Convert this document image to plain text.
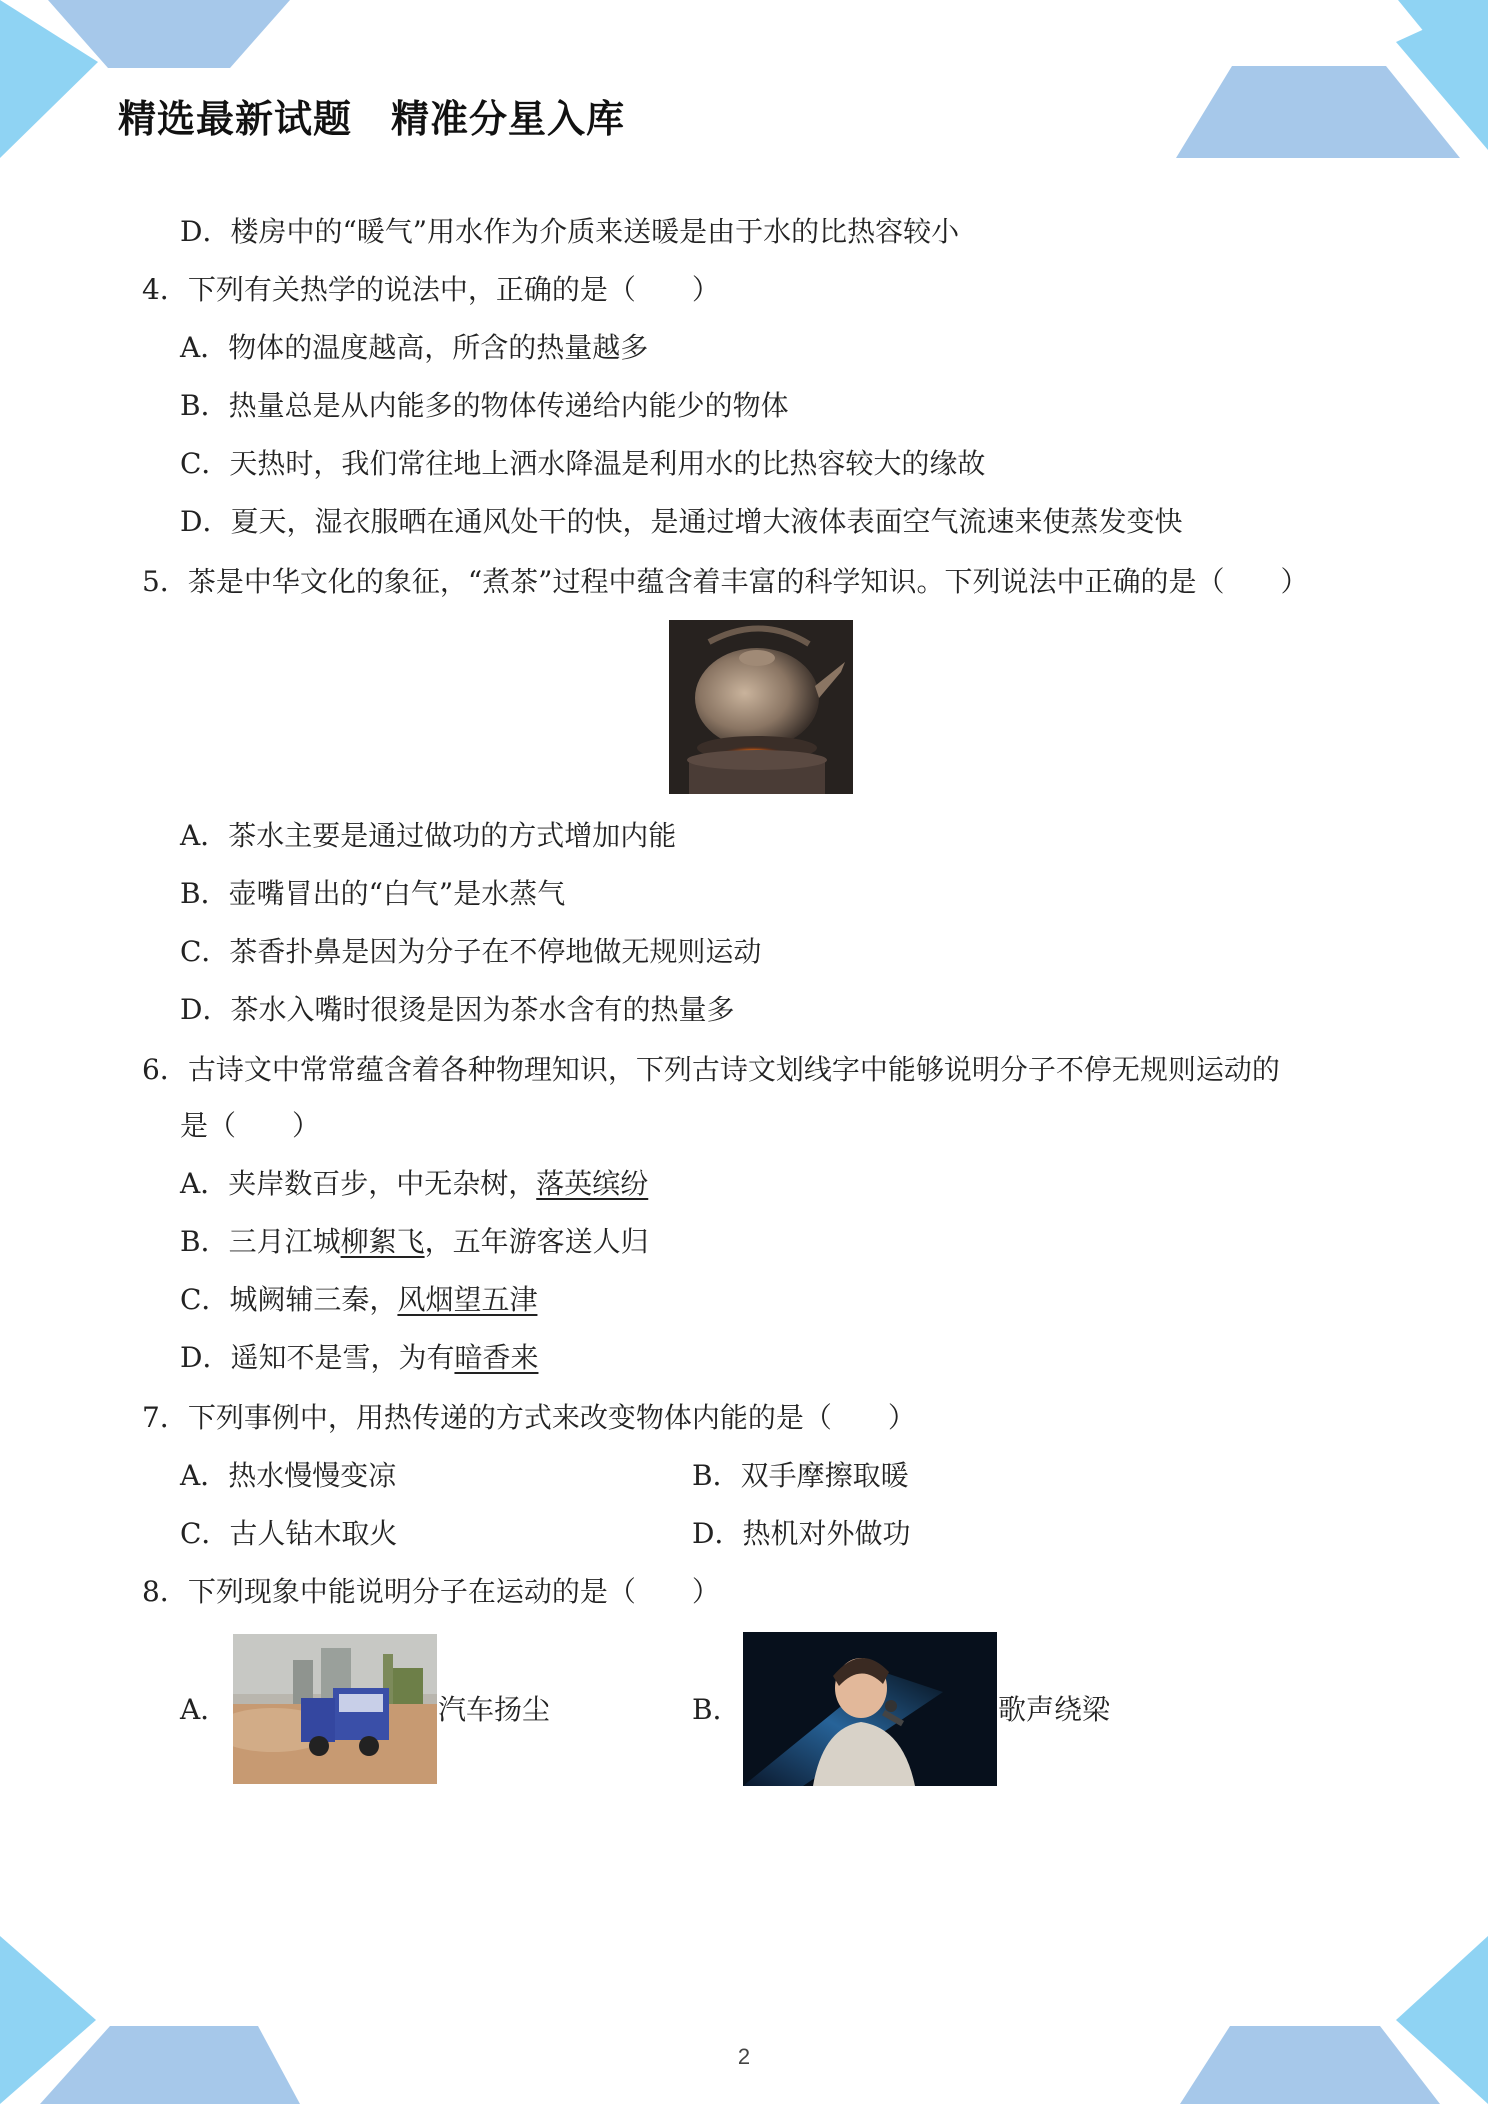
精选最新试题　精准分星入库
D．楼房中的“暖气”用水作为介质来送暖是由于水的比热容较小
4．下列有关热学的说法中，正确的是（　　）
A．物体的温度越高，所含的热量越多
B．热量总是从内能多的物体传递给内能少的物体
C．天热时，我们常往地上洒水降温是利用水的比热容较大的缘故
D．夏天，湿衣服晒在通风处干的快，是通过增大液体表面空气流速来使蒸发变快
5．茶是中华文化的象征，“煮茶”过程中蕴含着丰富的科学知识。下列说法中正确的是（　　）
A．茶水主要是通过做功的方式增加内能
B．壶嘴冒出的“白气”是水蒸气
C．茶香扑鼻是因为分子在不停地做无规则运动
D．茶水入嘴时很烫是因为茶水含有的热量多
6．古诗文中常常蕴含着各种物理知识，下列古诗文划线字中能够说明分子不停无规则运动的
是（　　）
A．夹岸数百步，中无杂树，落英缤纷
B．三月江城柳絮飞，五年游客送人归
C．城阙辅三秦，风烟望五津
D．遥知不是雪，为有暗香来
7．下列事例中，用热传递的方式来改变物体内能的是（　　）
A．热水慢慢变凉	B．双手摩擦取暖
C．古人钻木取火	D．热机对外做功
8．下列现象中能说明分子在运动的是（　　）
A．	汽车扬尘	B．	歌声绕梁
2
